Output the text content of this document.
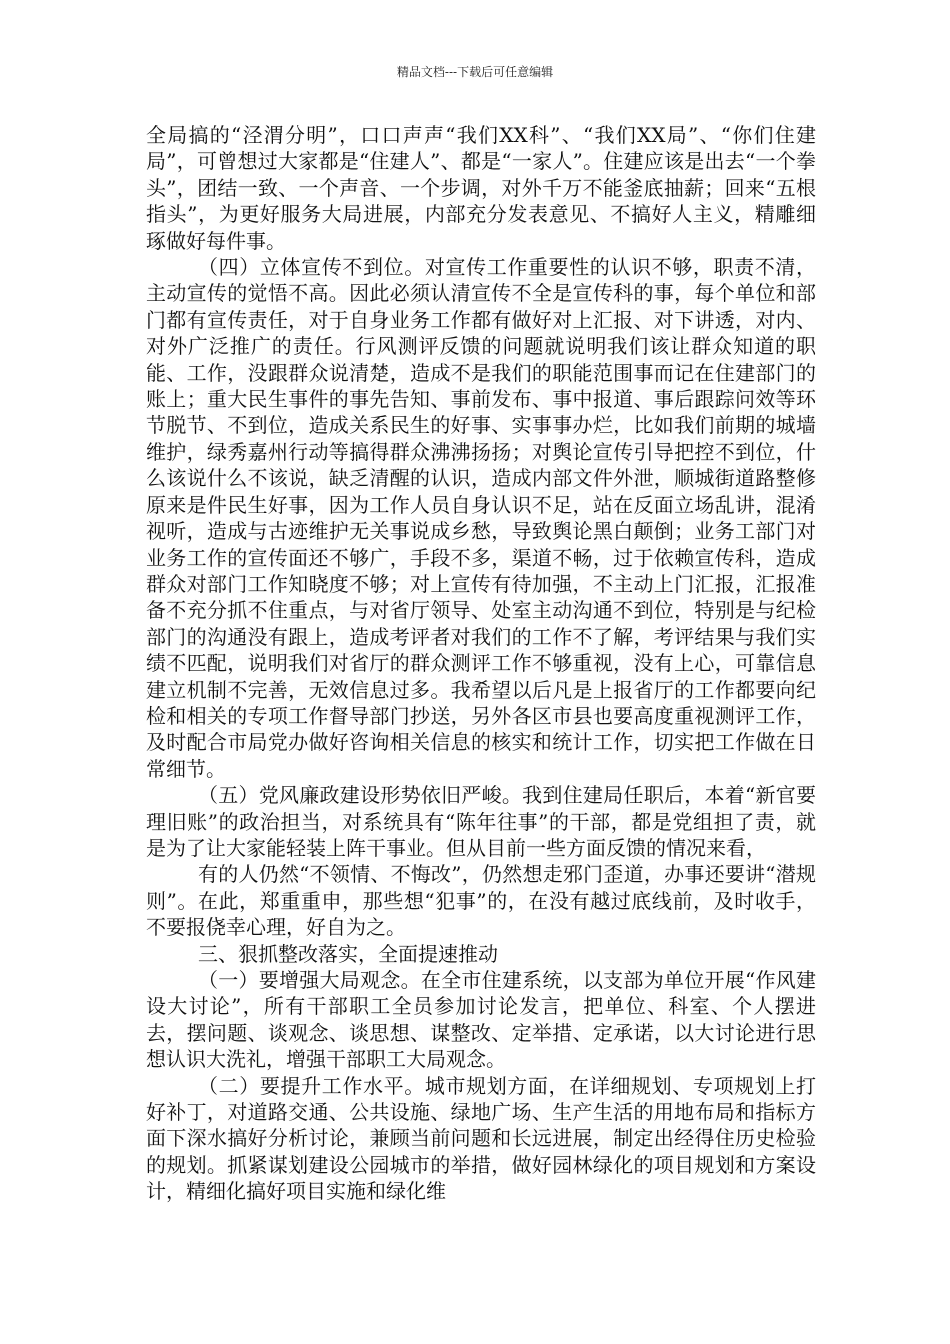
精品文档---下载后可任意编辑

全局搞的“泾渭分明”，口口声声“我们XX科”、“我们XX局”、“你们住建局”，可曾想过大家都是“住建人”、都是“一家人”。住建应该是出去“一个拳头”，团结一致、一个声音、一个步调，对外千万不能釜底抽薪；回来“五根指头”，为更好服务大局进展，内部充分发表意见、不搞好人主义，精雕细琢做好每件事。

（四）立体宣传不到位。对宣传工作重要性的认识不够，职责不清，主动宣传的觉悟不高。因此必须认清宣传不全是宣传科的事，每个单位和部门都有宣传责任，对于自身业务工作都有做好对上汇报、对下讲透，对内、对外广泛推广的责任。行风测评反馈的问题就说明我们该让群众知道的职能、工作，没跟群众说清楚，造成不是我们的职能范围事而记在住建部门的账上；重大民生事件的事先告知、事前发布、事中报道、事后跟踪问效等环节脱节、不到位，造成关系民生的好事、实事事办烂，比如我们前期的城墙维护，绿秀嘉州行动等搞得群众沸沸扬扬；对舆论宣传引导把控不到位，什么该说什么不该说，缺乏清醒的认识，造成内部文件外泄，顺城街道路整修原来是件民生好事，因为工作人员自身认识不足，站在反面立场乱讲，混淆视听，造成与古迹维护无关事说成乡愁，导致舆论黑白颠倒；业务工部门对业务工作的宣传面还不够广，手段不多，渠道不畅，过于依赖宣传科，造成群众对部门工作知晓度不够；对上宣传有待加强，不主动上门汇报，汇报准备不充分抓不住重点，与对省厅领导、处室主动沟通不到位，特别是与纪检部门的沟通没有跟上，造成考评者对我们的工作不了解，考评结果与我们实绩不匹配，说明我们对省厅的群众测评工作不够重视，没有上心，可靠信息建立机制不完善，无效信息过多。我希望以后凡是上报省厅的工作都要向纪检和相关的专项工作督导部门抄送，另外各区市县也要高度重视测评工作，及时配合市局党办做好咨询相关信息的核实和统计工作，切实把工作做在日常细节。

（五）党风廉政建设形势依旧严峻。我到住建局任职后，本着“新官要理旧账”的政治担当，对系统具有“陈年往事”的干部，都是党组担了责，就是为了让大家能轻装上阵干事业。但从目前一些方面反馈的情况来看，

有的人仍然“不领情、不悔改”，仍然想走邪门歪道，办事还要讲“潜规则”。在此，郑重重申，那些想“犯事”的，在没有越过底线前，及时收手，不要报侥幸心理，好自为之。

三、狠抓整改落实，全面提速推动

（一）要增强大局观念。在全市住建系统，以支部为单位开展“作风建设大讨论”，所有干部职工全员参加讨论发言，把单位、科室、个人摆进去，摆问题、谈观念、谈思想、谋整改、定举措、定承诺，以大讨论进行思想认识大洗礼，增强干部职工大局观念。

（二）要提升工作水平。城市规划方面，在详细规划、专项规划上打好补丁，对道路交通、公共设施、绿地广场、生产生活的用地布局和指标方面下深水搞好分析讨论，兼顾当前问题和长远进展，制定出经得住历史检验的规划。抓紧谋划建设公园城市的举措，做好园林绿化的项目规划和方案设计，精细化搞好项目实施和绿化维
